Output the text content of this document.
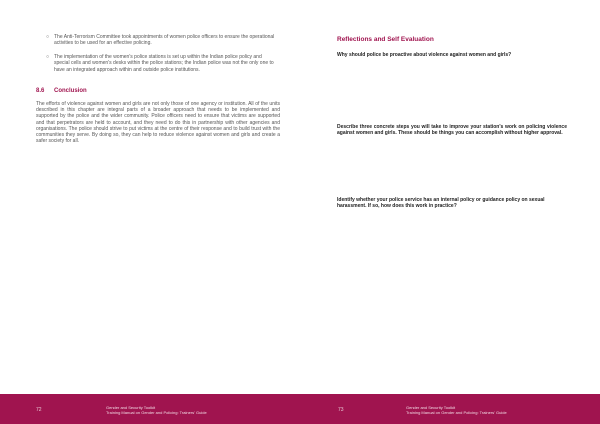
○ The Anti-Terrorism Committee took appointments of women police officers to ensure the operational activities to be used for an effective policing.
○ The implementation of the women's police stations is set up within the Indian police policy and special cells and women's desks within the police stations; the Indian police was not the only one to have an integrated approach within and outside police institutions.
8.6 Conclusion

The efforts of violence against women and girls are not only those of one agency or institution. All of the units described in this chapter are integral parts of a broader approach that needs to be implemented and supported by the police and the wider community. Police officers need to ensure that victims are supported and that perpetrators are held to account, and they need to do this in partnership with other agencies and organisations. The police should strive to put victims at the centre of their response and to build trust with the communities they serve. By doing so, they can help to reduce violence against women and girls and create a safer society for all.

Reflections and Self Evaluation

Why should police be proactive about violence against women and girls?

Describe three concrete steps you will take to improve your station's work on policing violence against women and girls. These should be things you can accomplish without higher approval.

Identify whether your police service has an internal policy or guidance policy on sexual harassment. If so, how does this work in practice?

72	Gender and Security Toolkit
Training Manual on Gender and Policing: Trainers' Guide	73	Gender and Security Toolkit
Training Manual on Gender and Policing: Trainers' Guide
